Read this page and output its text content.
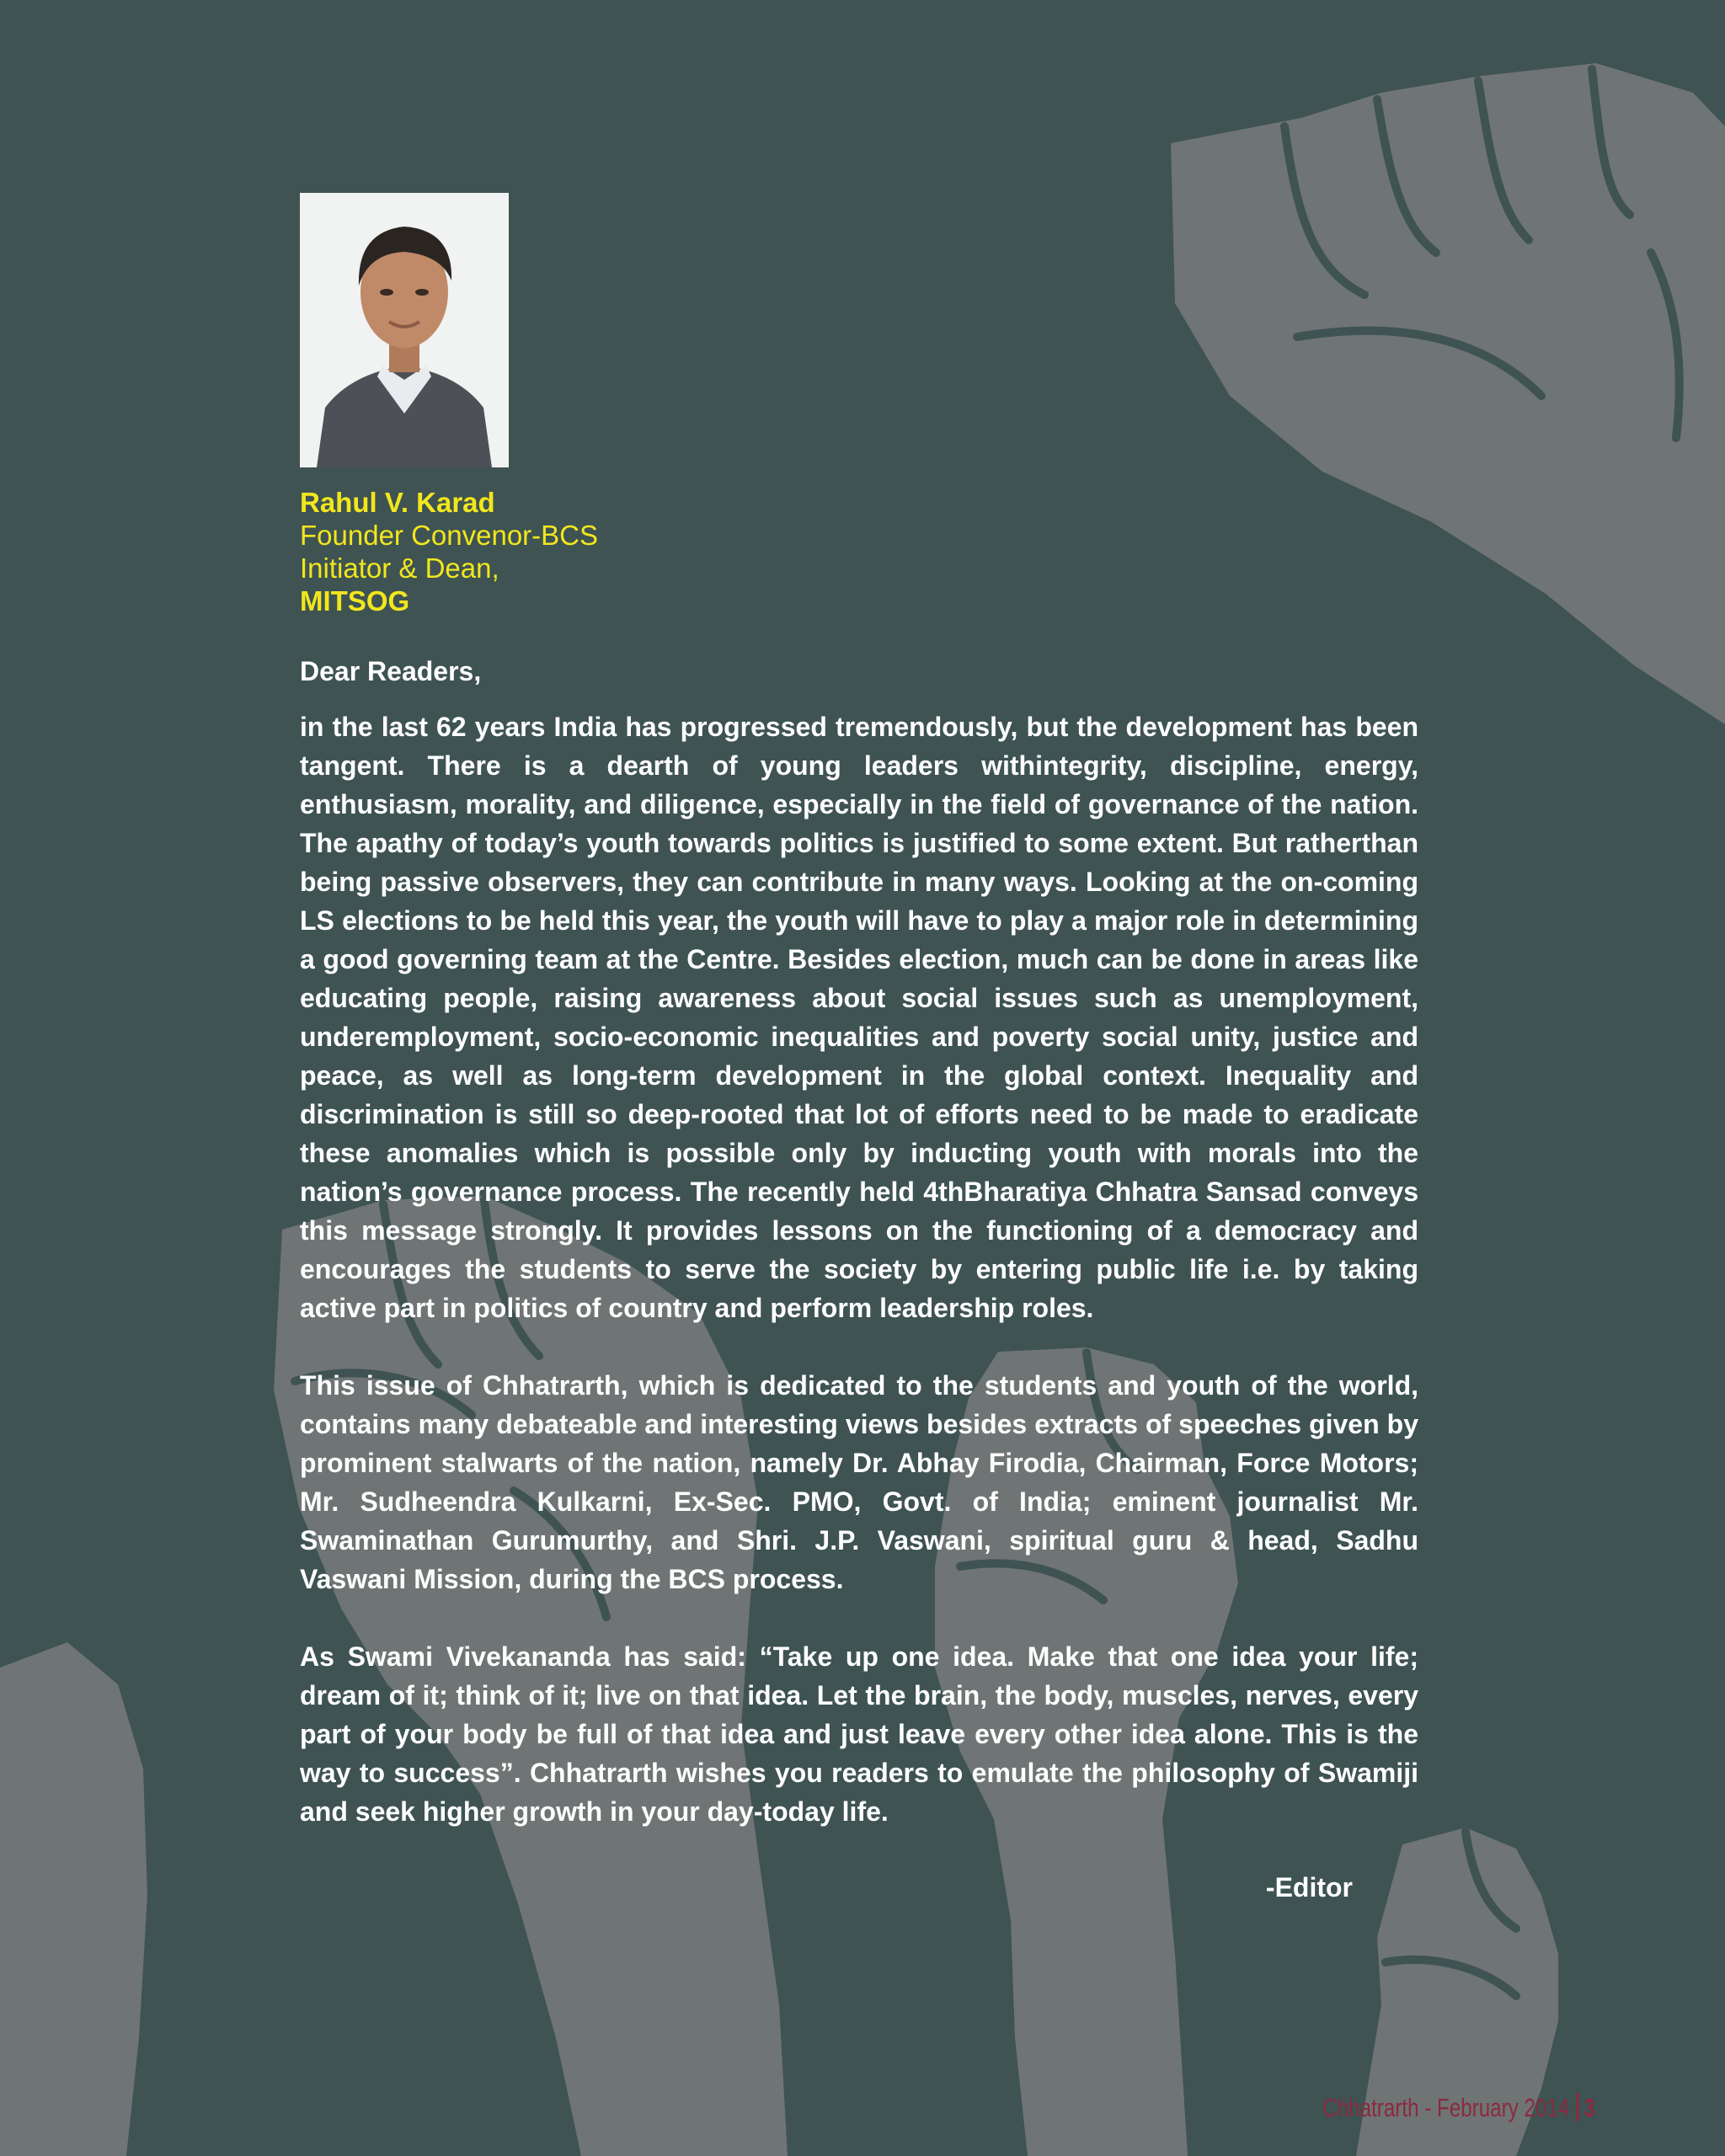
Rahul V. Karad
Founder Convenor-BCS
Initiator & Dean,
MITSOG
Dear Readers,

in the last 62 years India has progressed tremendously, but the development has been tangent. There is a dearth of young leaders withintegrity, discipline, energy, enthusiasm, morality, and diligence, especially in the field of governance of the nation. The apathy of today’s youth towards politics is justified to some extent. But ratherthan being passive observers, they can contribute in many ways. Looking at the on-coming LS elections to be held this year, the youth will have to play a major role in determining a good governing team at the Centre. Besides election, much can be done in areas like educating people, raising awareness about social issues such as unemployment, underemployment, socio-economic inequalities and poverty social unity, justice and peace, as well as long-term development in the global context. Inequality and discrimination is still so deep-rooted that lot of efforts need to be made to eradicate these anomalies which is possible only by inducting youth with morals into the nation’s governance process. The recently held 4thBharatiya Chhatra Sansad conveys this message strongly. It provides lessons on the functioning of a democracy and encourages the students to serve the society by entering public life i.e. by taking active part in politics of country and perform leadership roles.

This issue of Chhatrarth, which is dedicated to the students and youth of the world, contains many debateable and interesting views besides extracts of speeches given by prominent stalwarts of the nation, namely Dr. Abhay Firodia, Chairman, Force Motors; Mr. Sudheendra Kulkarni, Ex-Sec. PMO, Govt. of India; eminent journalist Mr. Swaminathan Gurumurthy, and Shri. J.P. Vaswani, spiritual guru & head, Sadhu Vaswani Mission, during the BCS process.

As Swami Vivekananda has said: “Take up one idea. Make that one idea your life; dream of it; think of it; live on that idea. Let the brain, the body, muscles, nerves, every part of your body be full of that idea and just leave every other idea alone. This is the way to success”. Chhatrarth wishes you readers to emulate the philosophy of Swamiji and seek higher growth in your day-today life.

-Editor
Chhatrarth - February 2014 3
